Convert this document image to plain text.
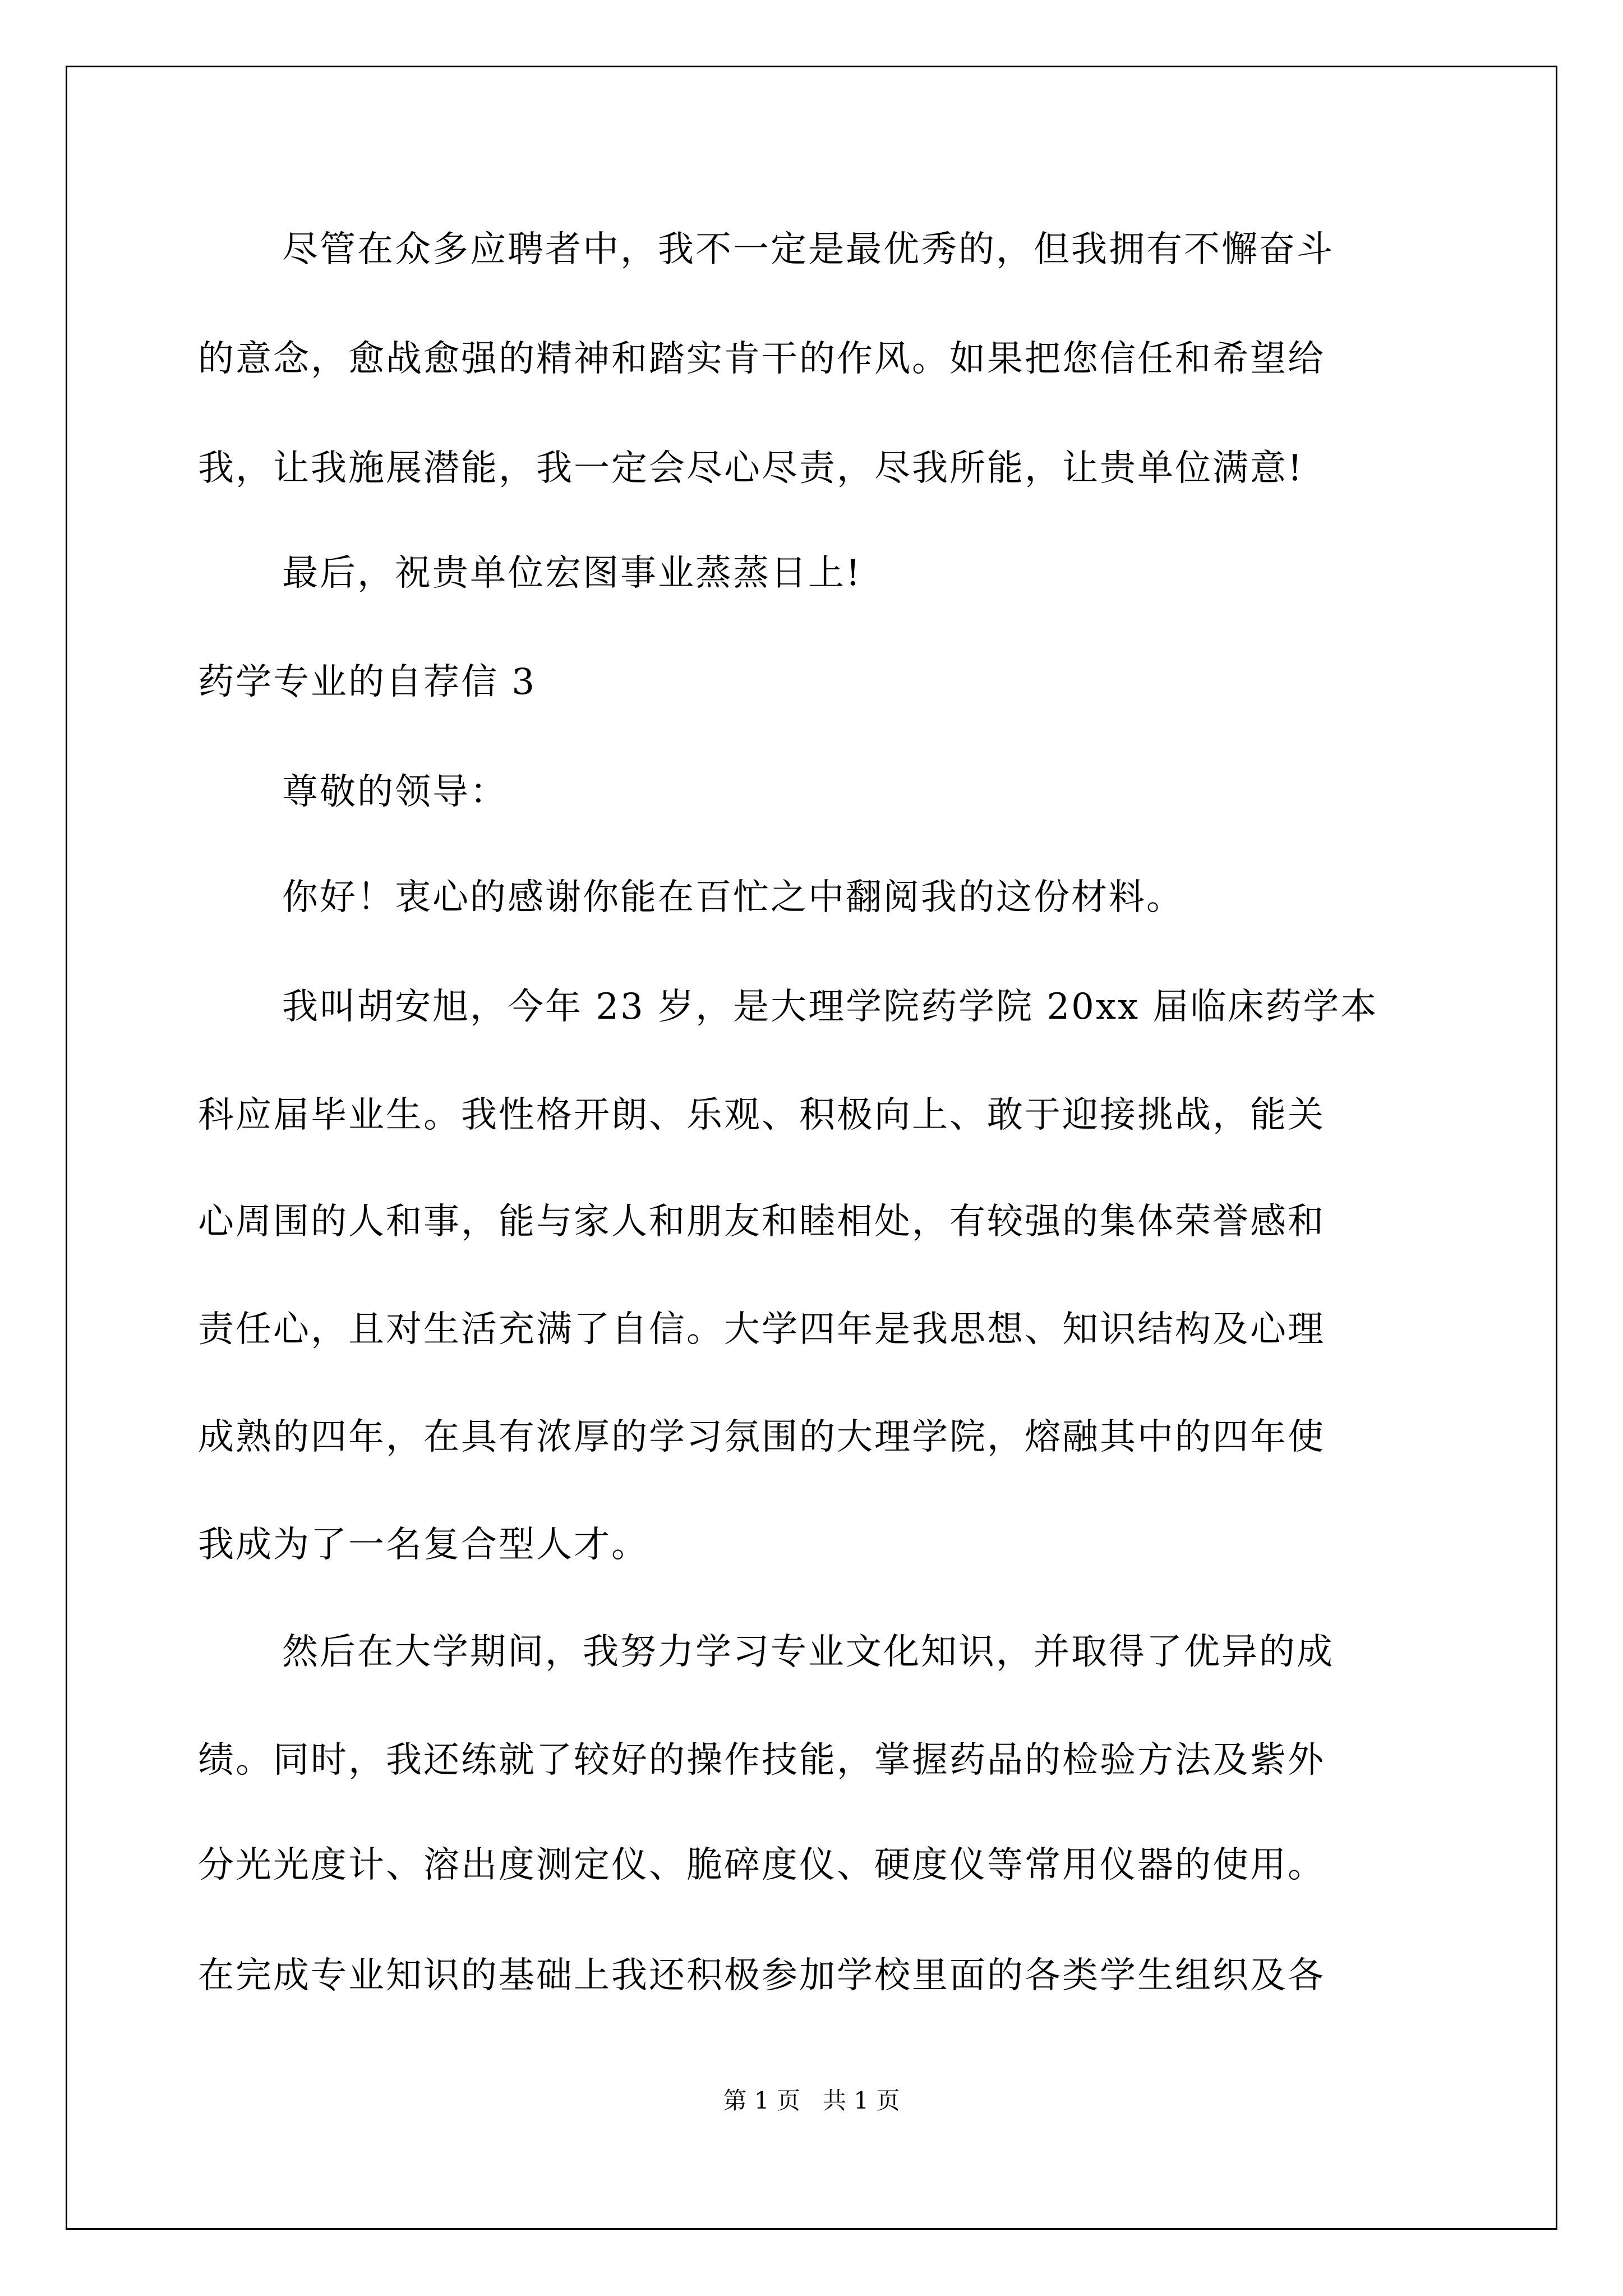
尽管在众多应聘者中，我不一定是最优秀的，但我拥有不懈奋斗
的意念，愈战愈强的精神和踏实肯干的作风。如果把您信任和希望给
我，让我施展潜能，我一定会尽心尽责，尽我所能，让贵单位满意!
最后，祝贵单位宏图事业蒸蒸日上!
药学专业的自荐信 3
尊敬的领导：
你好！衷心的感谢你能在百忙之中翻阅我的这份材料。
我叫胡安旭，今年 23 岁，是大理学院药学院 20xx 届临床药学本
科应届毕业生。我性格开朗、乐观、积极向上、敢于迎接挑战，能关
心周围的人和事，能与家人和朋友和睦相处，有较强的集体荣誉感和
责任心，且对生活充满了自信。大学四年是我思想、知识结构及心理
成熟的四年，在具有浓厚的学习氛围的大理学院，熔融其中的四年使
我成为了一名复合型人才。
然后在大学期间，我努力学习专业文化知识，并取得了优异的成
绩。同时，我还练就了较好的操作技能，掌握药品的检验方法及紫外
分光光度计、溶出度测定仪、脆碎度仪、硬度仪等常用仪器的使用。
在完成专业知识的基础上我还积极参加学校里面的各类学生组织及各
第 1 页   共 1 页
